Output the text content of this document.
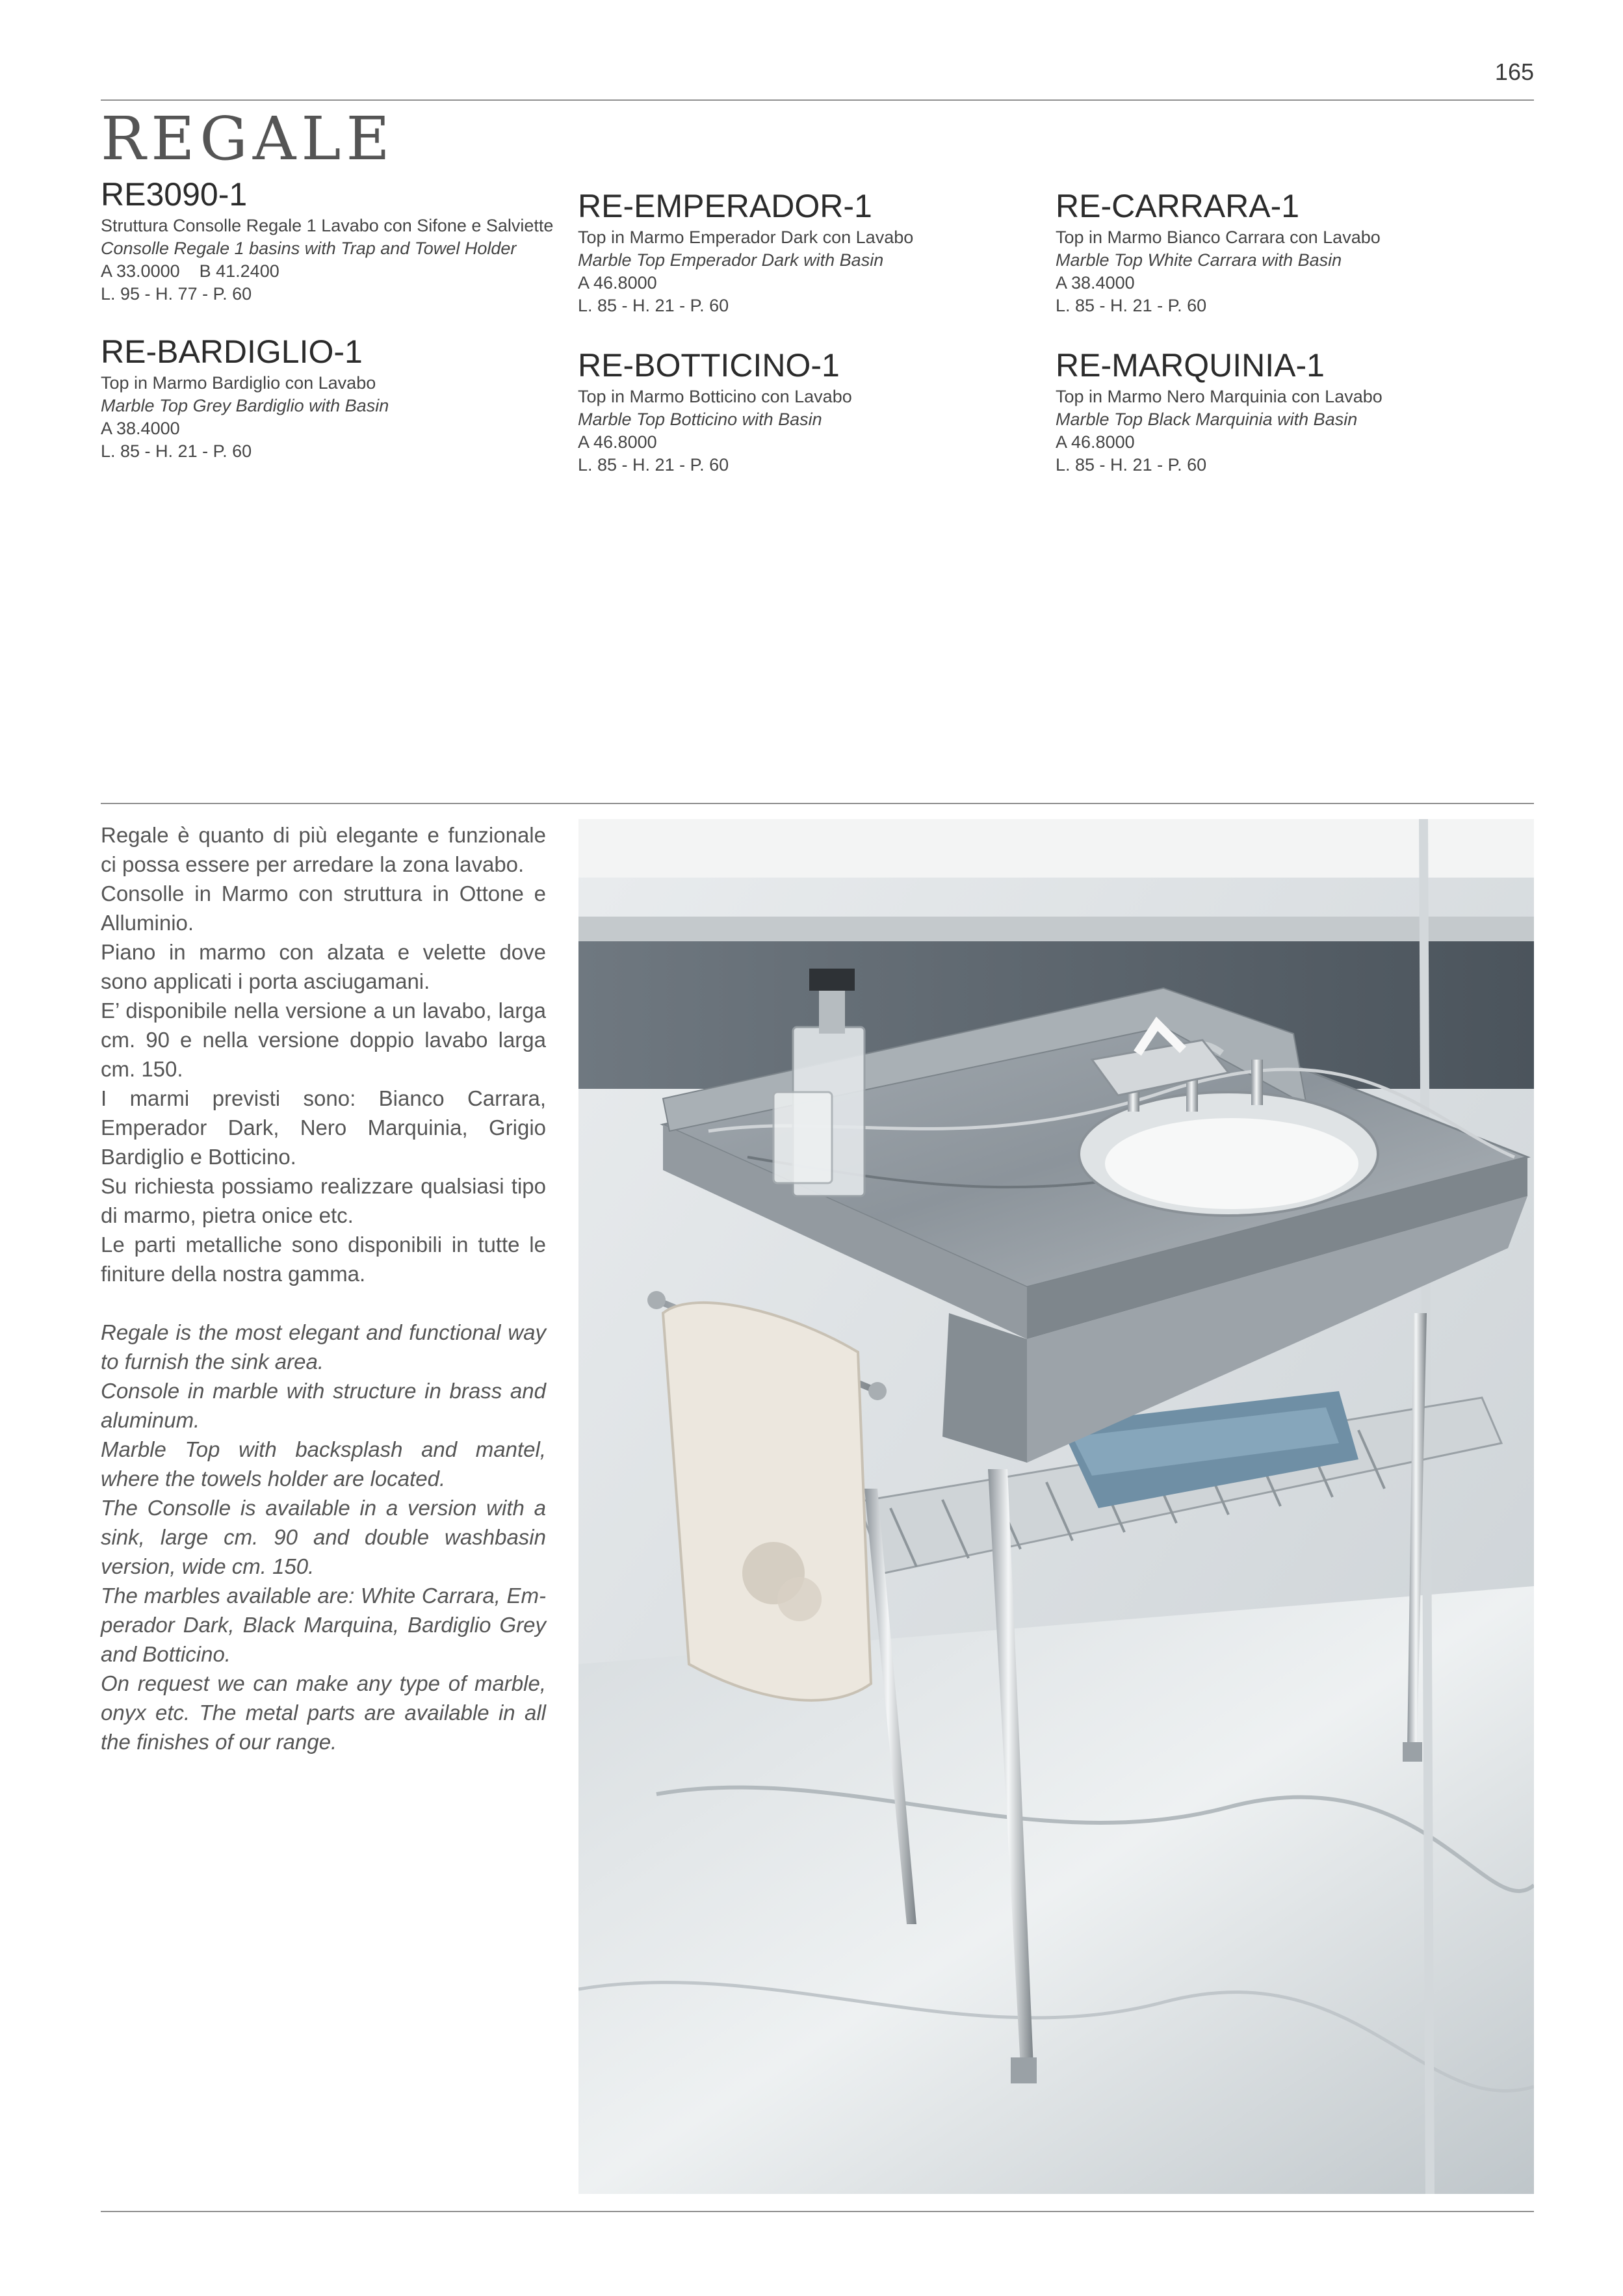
165
REGALE
RE3090-1
Struttura Consolle Regale 1 Lavabo con Sifone e Salviette
Consolle Regale 1 basins with Trap and Towel Holder
A 33.0000    B 41.2400
L. 95 - H. 77 - P. 60
RE-BARDIGLIO-1
Top in Marmo Bardiglio con Lavabo
Marble Top Grey Bardiglio with Basin
A 38.4000
L. 85 - H. 21 - P. 60
RE-EMPERADOR-1
Top in Marmo Emperador Dark con Lavabo
Marble Top Emperador Dark with Basin
A 46.8000
L. 85 - H. 21 - P. 60
RE-BOTTICINO-1
Top in Marmo Botticino con Lavabo
Marble Top Botticino with Basin
A 46.8000
L. 85 - H. 21 - P. 60
RE-CARRARA-1
Top in Marmo Bianco Carrara con Lavabo
Marble Top White Carrara with Basin
A 38.4000
L. 85 - H. 21 - P. 60
RE-MARQUINIA-1
Top in Marmo Nero Marquinia con Lavabo
Marble Top Black Marquinia with Basin
A 46.8000
L. 85 - H. 21 - P. 60

Regale è quanto di più elegante e funzionale ci possa essere per arredare la zona lavabo.

Consolle in Marmo con struttura in Ottone e Alluminio.

Piano in marmo con alzata e velette dove sono applicati i porta asciugamani.

E’ disponibile nella versione a un lavabo, larga cm. 90 e nella versione doppio lavabo larga cm. 150.

I marmi previsti sono: Bianco Carrara, Emperador Dark, Nero Marquinia, Grigio Bardiglio e Botticino.

Su richiesta possiamo realizzare qualsiasi tipo di marmo, pietra onice etc.

Le parti metalliche sono disponibili in tutte le finiture della nostra gamma.

Regale is the most elegant and functional way to furnish the sink area.

Console in marble with structure in brass and aluminum.

Marble Top with backsplash and mantel, where the towels holder are located.

The Consolle is available in a version with a sink, large cm. 90 and double washbasin version, wide cm. 150.

The marbles available are: White Carrara, Em-perador Dark, Black Marquina, Bardiglio Grey and Botticino.

On request we can make any type of marble, onyx etc. The metal parts are available in all the finishes of our range.
